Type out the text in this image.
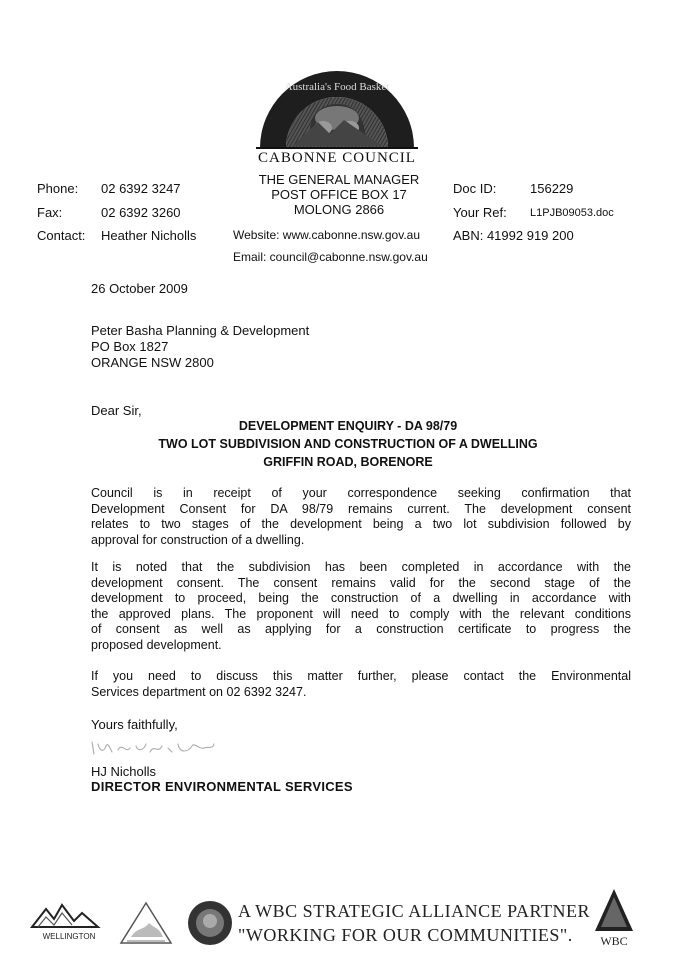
Australia's Food Basket
CABONNE COUNCIL
THE GENERAL MANAGER
POST OFFICE BOX 17
MOLONG 2866
Website: www.cabonne.nsw.gov.au
Email: council@cabonne.nsw.gov.au
Phone: 02 6392 3247
Fax:	02 6392 3260
Contact: Heather Nicholls
Doc ID:	156229
Your Ref: L1PJB09053.doc
ABN: 41992 919 200
26 October 2009
Peter Basha Planning & Development
PO Box 1827
ORANGE NSW 2800
Dear Sir,
DEVELOPMENT ENQUIRY - DA 98/79
TWO LOT SUBDIVISION AND CONSTRUCTION OF A DWELLING
GRIFFIN ROAD, BORENORE
Council is in receipt of your correspondence seeking confirmation that
Development Consent for DA 98/79 remains current. The development consent
relates to two stages of the development being a two lot subdivision followed by
approval for construction of a dwelling.
It is noted that the subdivision has been completed in accordance with the
development consent. The consent remains valid for the second stage of the
development to proceed, being the construction of a dwelling in accordance with
the approved plans. The proponent will need to comply with the relevant conditions
of consent as well as applying for a construction certificate to progress the
proposed development.
If you need to discuss this matter further, please contact the Environmental
Services department on 02 6392 3247.
Yours faithfully,
HJ Nicholls
DIRECTOR ENVIRONMENTAL SERVICES
WELLINGTON
A WBC STRATEGIC ALLIANCE PARTNER
"WORKING FOR OUR COMMUNITIES".	WBC
